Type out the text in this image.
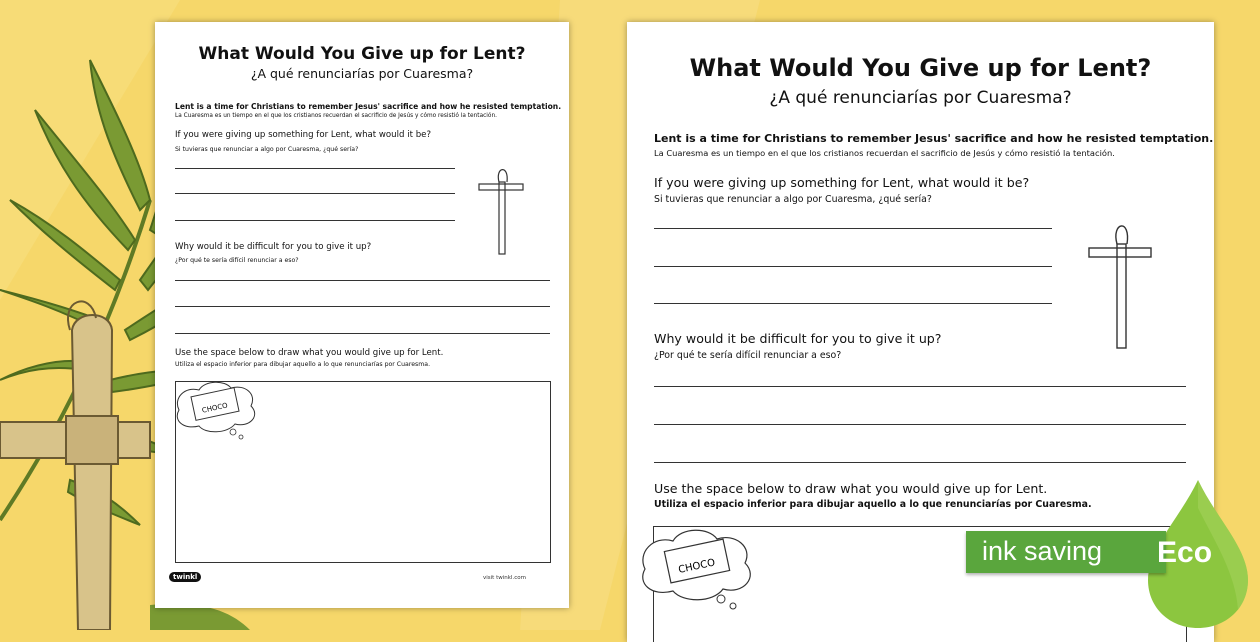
What Would You Give up for Lent?
¿A qué renunciarías por Cuaresma?
Lent is a time for Christians to remember Jesus' sacrifice and how he resisted temptation.
La Cuaresma es un tiempo en el que los cristianos recuerdan el sacrificio de Jesús y cómo resistió la tentación.
If you were giving up something for Lent, what would it be?
Si tuvieras que renunciar a algo por Cuaresma, ¿qué sería?
Why would it be difficult for you to give it up?
¿Por qué te sería difícil renunciar a eso?
Use the space below to draw what you would give up for Lent.
Utiliza el espacio inferior para dibujar aquello a lo que renunciarías por Cuaresma.
CHOCO
twinkl	visit twinkl.com
What Would You Give up for Lent?
¿A qué renunciarías por Cuaresma?
Lent is a time for Christians to remember Jesus' sacrifice and how he resisted temptation.
La Cuaresma es un tiempo en el que los cristianos recuerdan el sacrificio de Jesús y cómo resistió la tentación.
If you were giving up something for Lent, what would it be?
Si tuvieras que renunciar a algo por Cuaresma, ¿qué sería?
Why would it be difficult for you to give it up?
¿Por qué te sería difícil renunciar a eso?
Use the space below to draw what you would give up for Lent.
Utiliza el espacio inferior para dibujar aquello a lo que renunciarías por Cuaresma.
CHOCO
ink saving Eco
